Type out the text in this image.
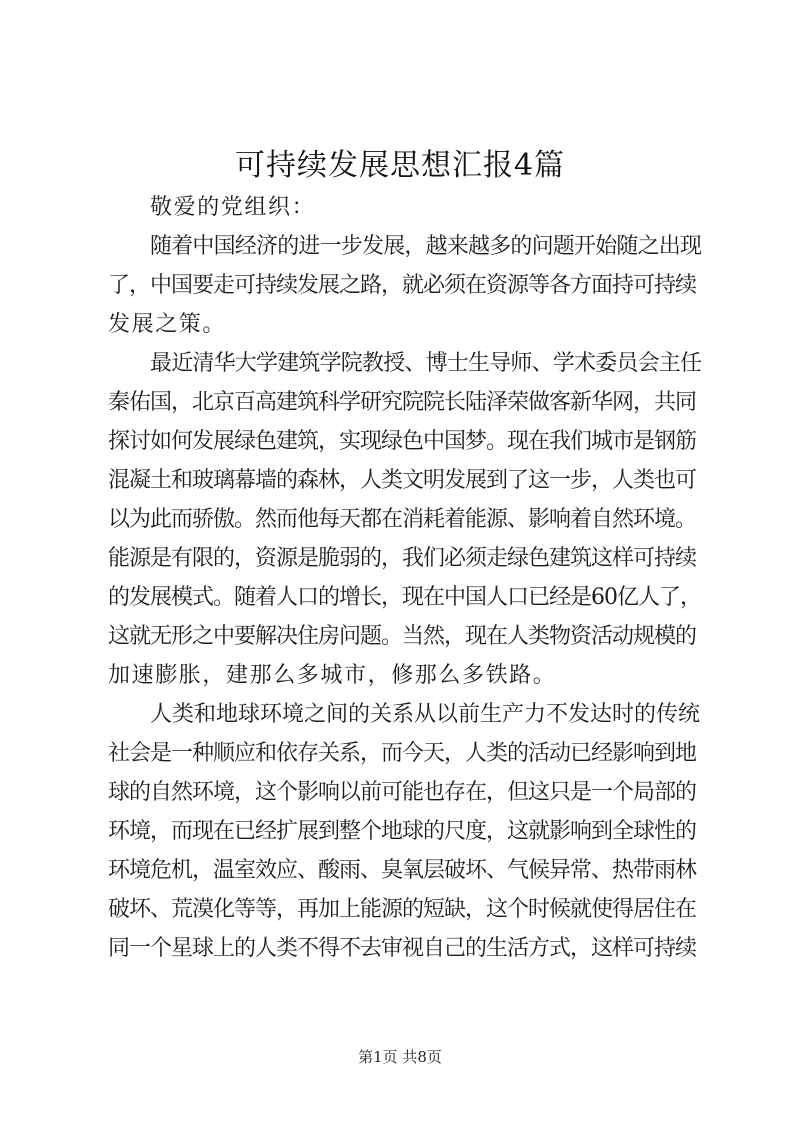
可持续发展思想汇报4篇
敬爱的党组织：
随着中国经济的进一步发展，越来越多的问题开始随之出现
了，中国要走可持续发展之路，就必须在资源等各方面持可持续
发展之策。
最近清华大学建筑学院教授、博士生导师、学术委员会主任
秦佑国，北京百高建筑科学研究院院长陆泽荣做客新华网，共同
探讨如何发展绿色建筑，实现绿色中国梦。现在我们城市是钢筋
混凝土和玻璃幕墙的森林，人类文明发展到了这一步，人类也可
以为此而骄傲。然而他每天都在消耗着能源、影响着自然环境。
能源是有限的，资源是脆弱的，我们必须走绿色建筑这样可持续
的发展模式。随着人口的增长，现在中国人口已经是60亿人了，
这就无形之中要解决住房问题。当然，现在人类物资活动规模的
加速膨胀，建那么多城市，修那么多铁路。
人类和地球环境之间的关系从以前生产力不发达时的传统
社会是一种顺应和依存关系，而今天，人类的活动已经影响到地
球的自然环境，这个影响以前可能也存在，但这只是一个局部的
环境，而现在已经扩展到整个地球的尺度，这就影响到全球性的
环境危机，温室效应、酸雨、臭氧层破坏、气候异常、热带雨林
破坏、荒漠化等等，再加上能源的短缺，这个时候就使得居住在
同一个星球上的人类不得不去审视自己的生活方式，这样可持续
第1页 共8页
